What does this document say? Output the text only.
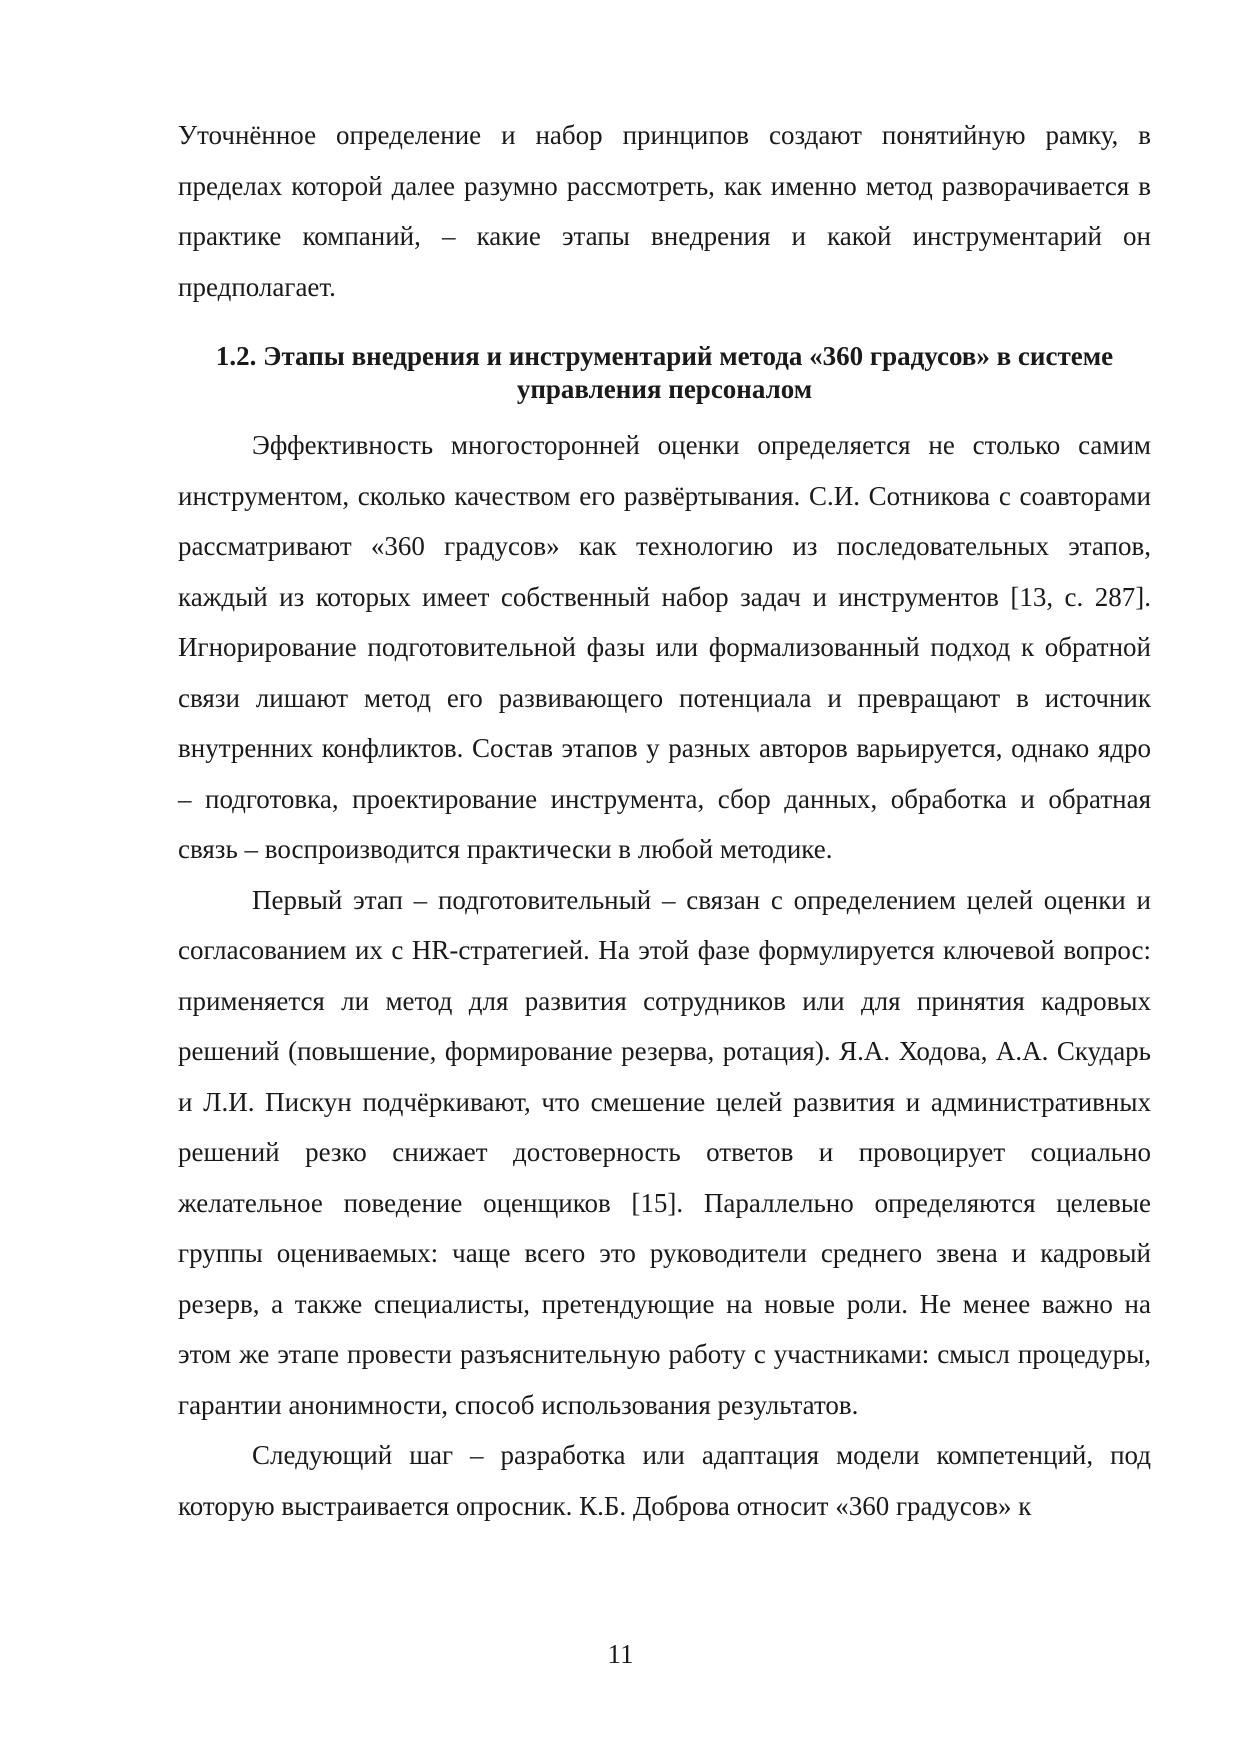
Уточнённое определение и набор принципов создают понятийную рамку, в пределах которой далее разумно рассмотреть, как именно метод разворачивается в практике компаний, – какие этапы внедрения и какой инструментарий он предполагает.

1.2. Этапы внедрения и инструментарий метода «360 градусов» в системе управления персоналом

Эффективность многосторонней оценки определяется не столько самим инструментом, сколько качеством его развёртывания. С.И. Сотникова с соавторами рассматривают «360 градусов» как технологию из последовательных этапов, каждый из которых имеет собственный набор задач и инструментов [13, с. 287]. Игнорирование подготовительной фазы или формализованный подход к обратной связи лишают метод его развивающего потенциала и превращают в источник внутренних конфликтов. Состав этапов у разных авторов варьируется, однако ядро – подготовка, проектирование инструмента, сбор данных, обработка и обратная связь – воспроизводится практически в любой методике.

Первый этап – подготовительный – связан с определением целей оценки и согласованием их с HR-стратегией. На этой фазе формулируется ключевой вопрос: применяется ли метод для развития сотрудников или для принятия кадровых решений (повышение, формирование резерва, ротация). Я.А. Ходова, А.А. Скударь и Л.И. Пискун подчёркивают, что смешение целей развития и административных решений резко снижает достоверность ответов и провоцирует социально желательное поведение оценщиков [15]. Параллельно определяются целевые группы оцениваемых: чаще всего это руководители среднего звена и кадровый резерв, а также специалисты, претендующие на новые роли. Не менее важно на этом же этапе провести разъяснительную работу с участниками: смысл процедуры, гарантии анонимности, способ использования результатов.

Следующий шаг – разработка или адаптация модели компетенций, под которую выстраивается опросник. К.Б. Доброва относит «360 градусов» к

11
